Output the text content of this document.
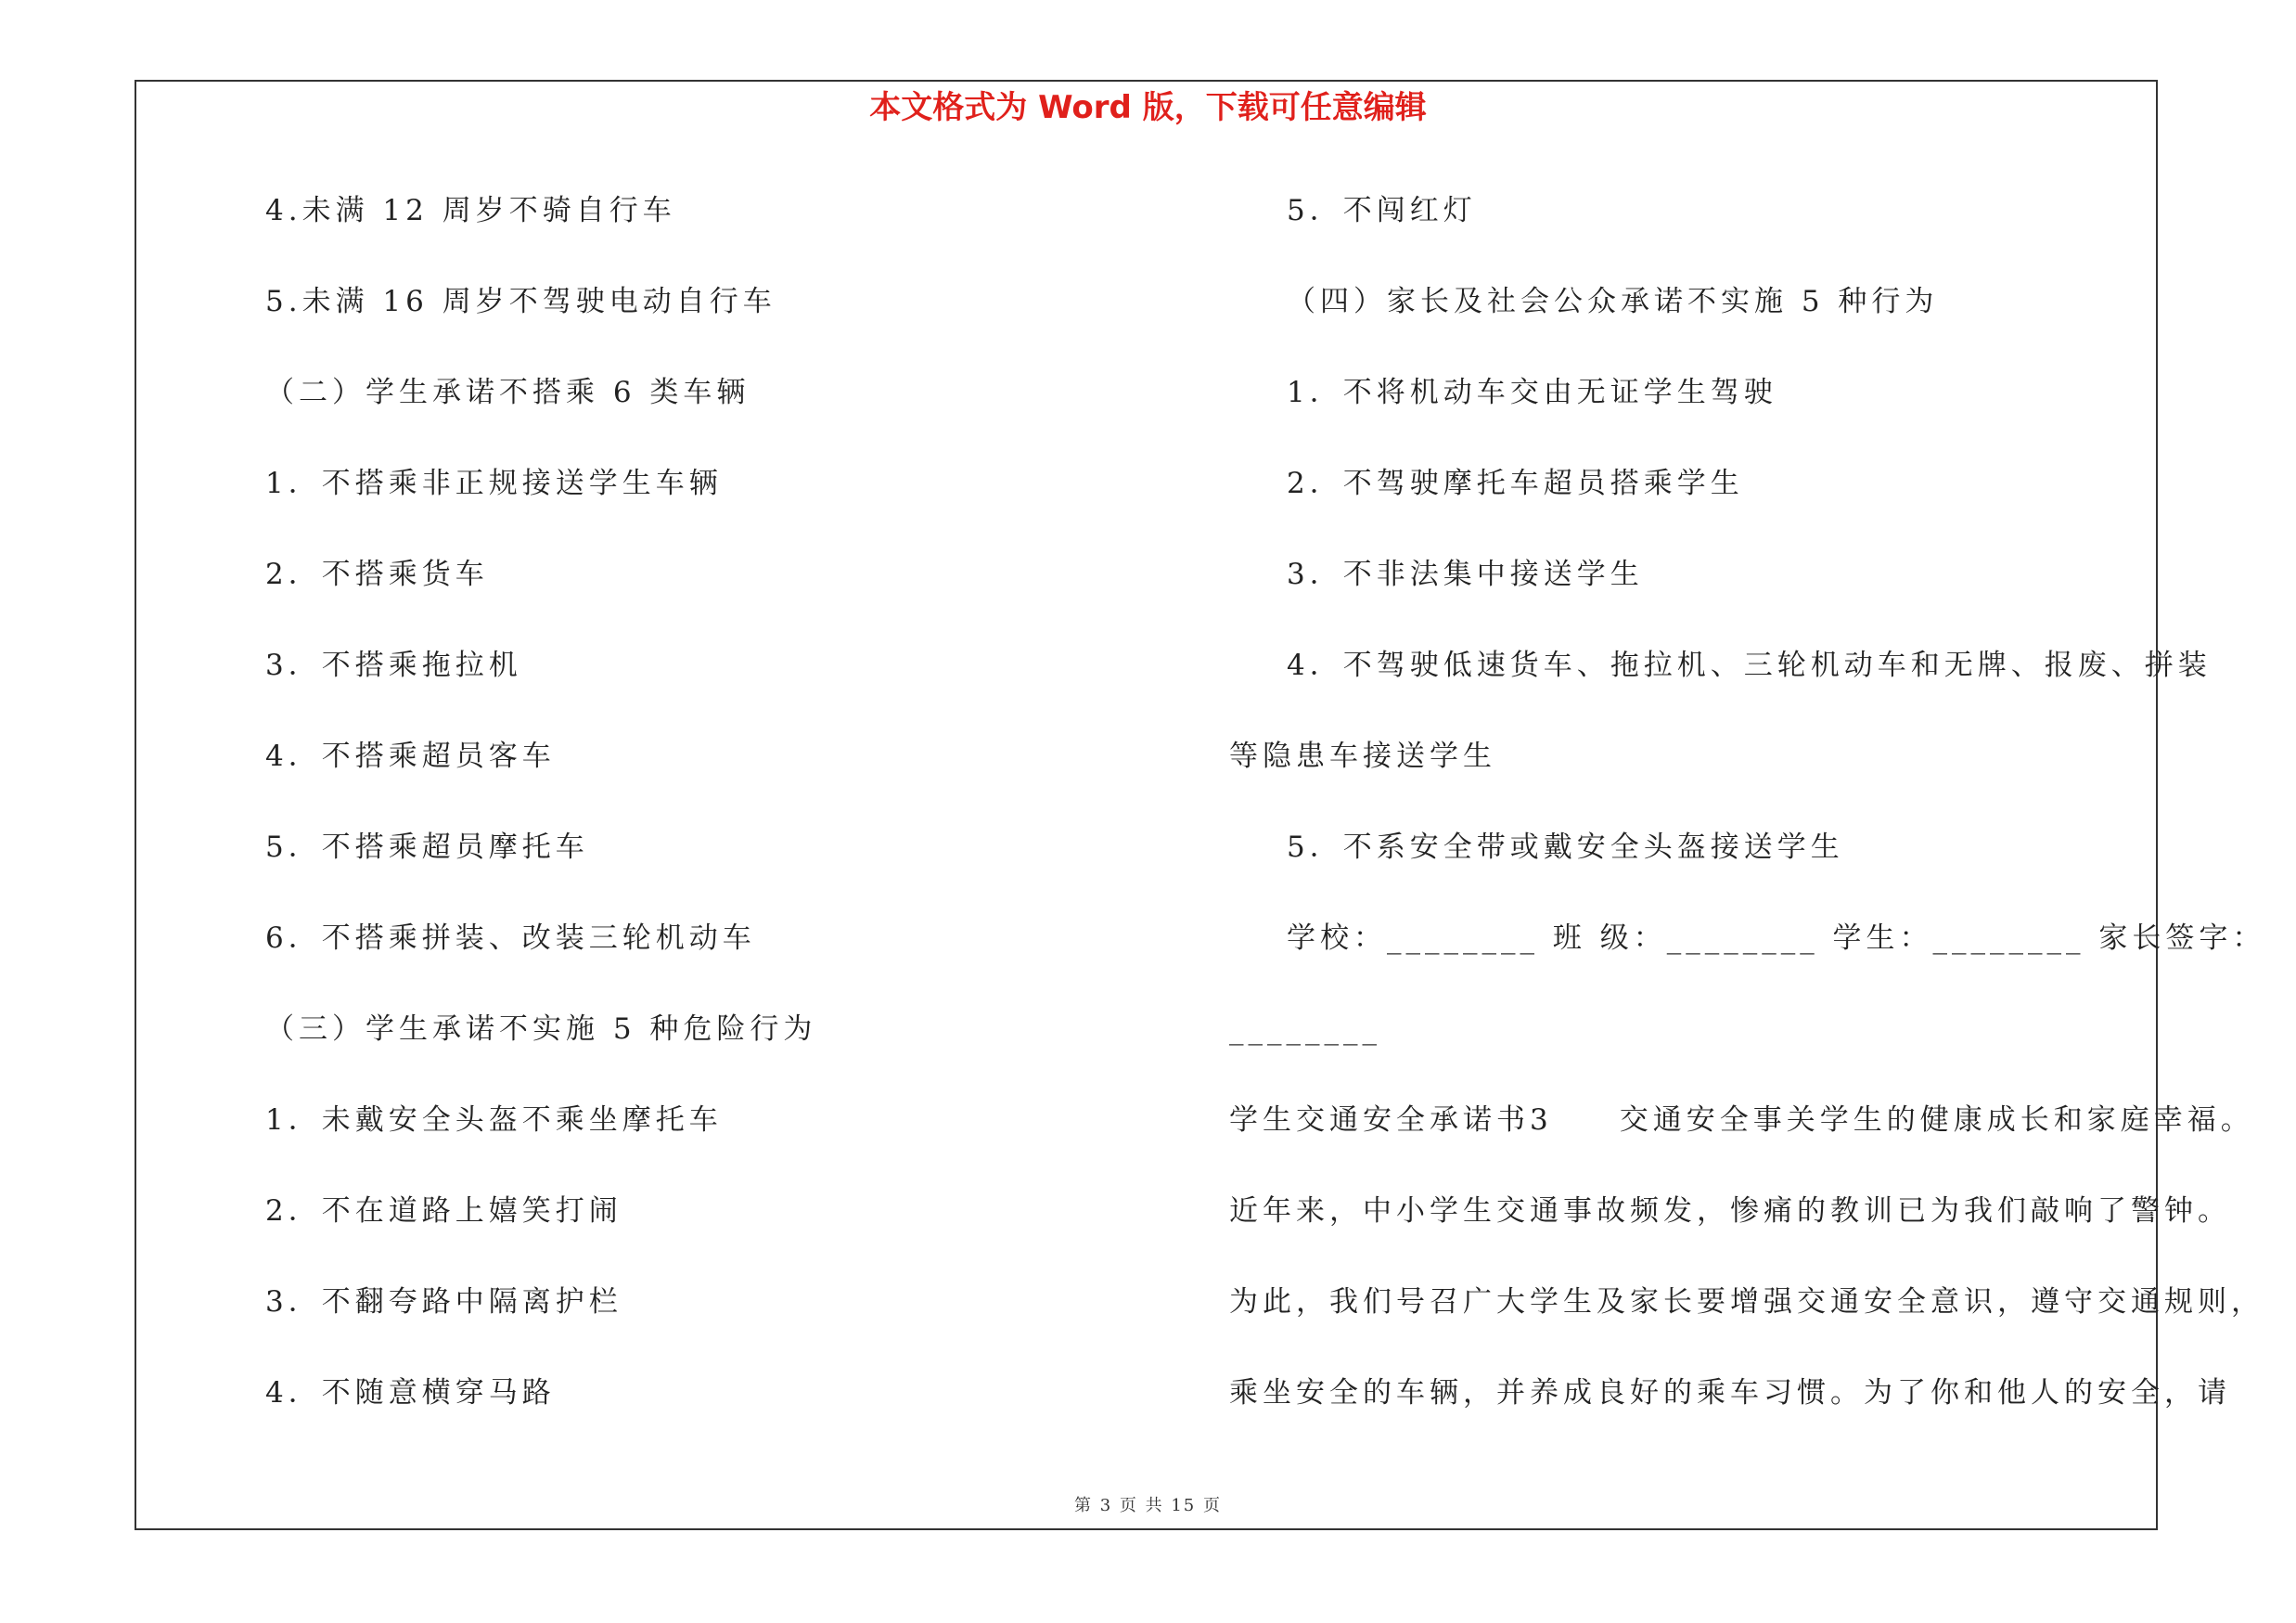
本文格式为 Word 版，下载可任意编辑
4.未满 12 周岁不骑自行车
5.未满 16 周岁不驾驶电动自行车
（二）学生承诺不搭乘 6 类车辆
1．不搭乘非正规接送学生车辆
2．不搭乘货车
3．不搭乘拖拉机
4．不搭乘超员客车
5．不搭乘超员摩托车
6．不搭乘拼装、改装三轮机动车
（三）学生承诺不实施 5 种危险行为
1．未戴安全头盔不乘坐摩托车
2．不在道路上嬉笑打闹
3．不翻夸路中隔离护栏
4．不随意横穿马路
5．不闯红灯
（四）家长及社会公众承诺不实施 5 种行为
1．不将机动车交由无证学生驾驶
2．不驾驶摩托车超员搭乘学生
3．不非法集中接送学生
4．不驾驶低速货车、拖拉机、三轮机动车和无牌、报废、拼装
等隐患车接送学生
5．不系安全带或戴安全头盔接送学生
学校：________ 班 级：________ 学生：________ 家长签字：
________
学生交通安全承诺书3　　交通安全事关学生的健康成长和家庭幸福。
近年来，中小学生交通事故频发，惨痛的教训已为我们敲响了警钟。
为此，我们号召广大学生及家长要增强交通安全意识，遵守交通规则，
乘坐安全的车辆，并养成良好的乘车习惯。为了你和他人的安全，请
第 3 页 共 15 页
